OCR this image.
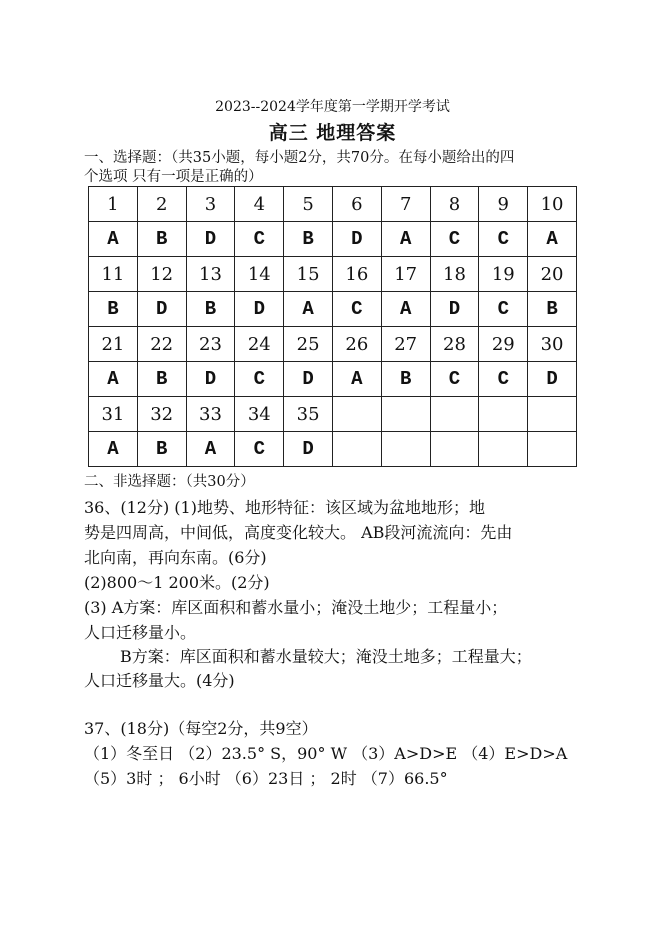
2023--2024学年度第一学期开学考试
高三 地理答案
一、选择题：（共35小题，每小题2分，共70分。在每小题给出的四
个选项 只有一项是正确的）
1	2	3	4	5	6	7	8	9	10
A	B	D	C	B	D	A	C	C	A
11	12	13	14	15	16	17	18	19	20
B	D	B	D	A	C	A	D	C	B
21	22	23	24	25	26	27	28	29	30
A	B	D	C	D	A	B	C	C	D
31	32	33	34	35					
A	B	A	C	D					
二、非选择题：（共30分）
36、(12分) (1)地势、地形特征：该区域为盆地地形；地
势是四周高，中间低，高度变化较大。 AB段河流流向：先由
北向南，再向东南。(6分)
(2)800～1 200米。(2分)
(3) A方案：库区面积和蓄水量小；淹没土地少；工程量小；
人口迁移量小。
B方案：库区面积和蓄水量较大；淹没土地多；工程量大；
人口迁移量大。(4分)
37、(18分)（每空2分，共9空）
（1）冬至日 （2）23.5° S，90° W （3）A>D>E （4）E>D>A
（5）3时 ； 6小时 （6）23日 ； 2时 （7）66.5°
